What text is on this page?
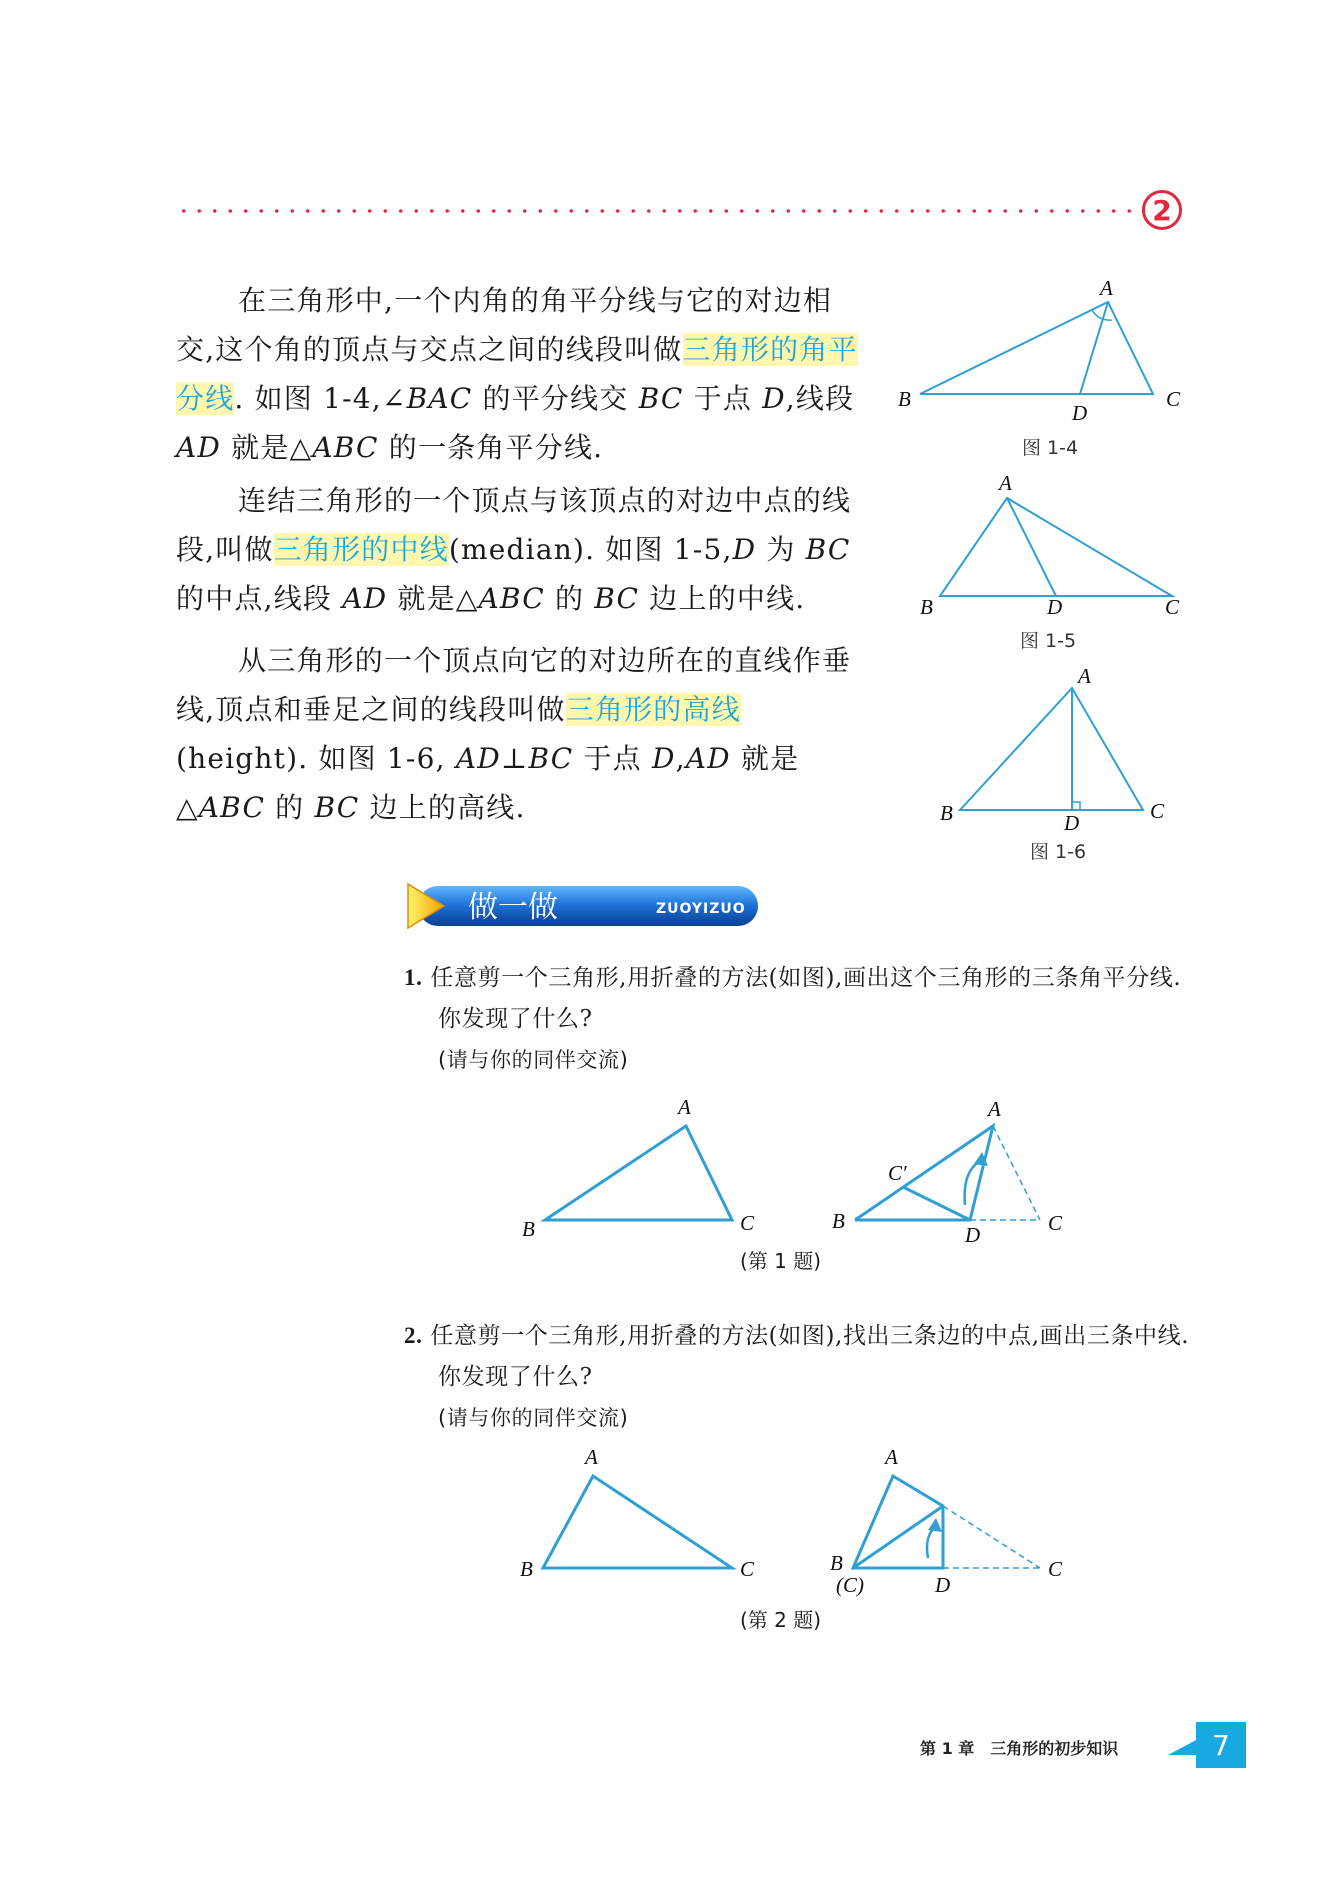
2

在三角形中,一个内角的角平分线与它的对边相交,这个角的顶点与交点之间的线段叫做三角形的角平分线. 如图 1-4,∠BAC 的平分线交 BC 于点 D,线段 AD 就是△ABC 的一条角平分线.

连结三角形的一个顶点与该顶点的对边中点的线段,叫做三角形的中线(median). 如图 1-5,D 为 BC 的中点,线段 AD 就是△ABC 的 BC 边上的中线.

从三角形的一个顶点向它的对边所在的直线作垂线,顶点和垂足之间的线段叫做三角形的高线(height). 如图 1-6, AD⊥BC 于点 D,AD 就是△ABC 的 BC 边上的高线.

A
B	C
D
图 1-4
A
B	C
D
图 1-5
A
B	C
D
图 1-6
做一做	ZUOYIZUO

1. 任意剪一个三角形,用折叠的方法(如图),画出这个三角形的三条角平分线. 你发现了什么?

(请与你的同伴交流)

A
B	C
A
B	C
D
C′
(第 1 题)

2. 任意剪一个三角形,用折叠的方法(如图),找出三条边的中点,画出三条中线. 你发现了什么?

(请与你的同伴交流)

A
B	C
A
B
(C)
C
D
(第 2 题)
第 1 章　三角形的初步知识	7
